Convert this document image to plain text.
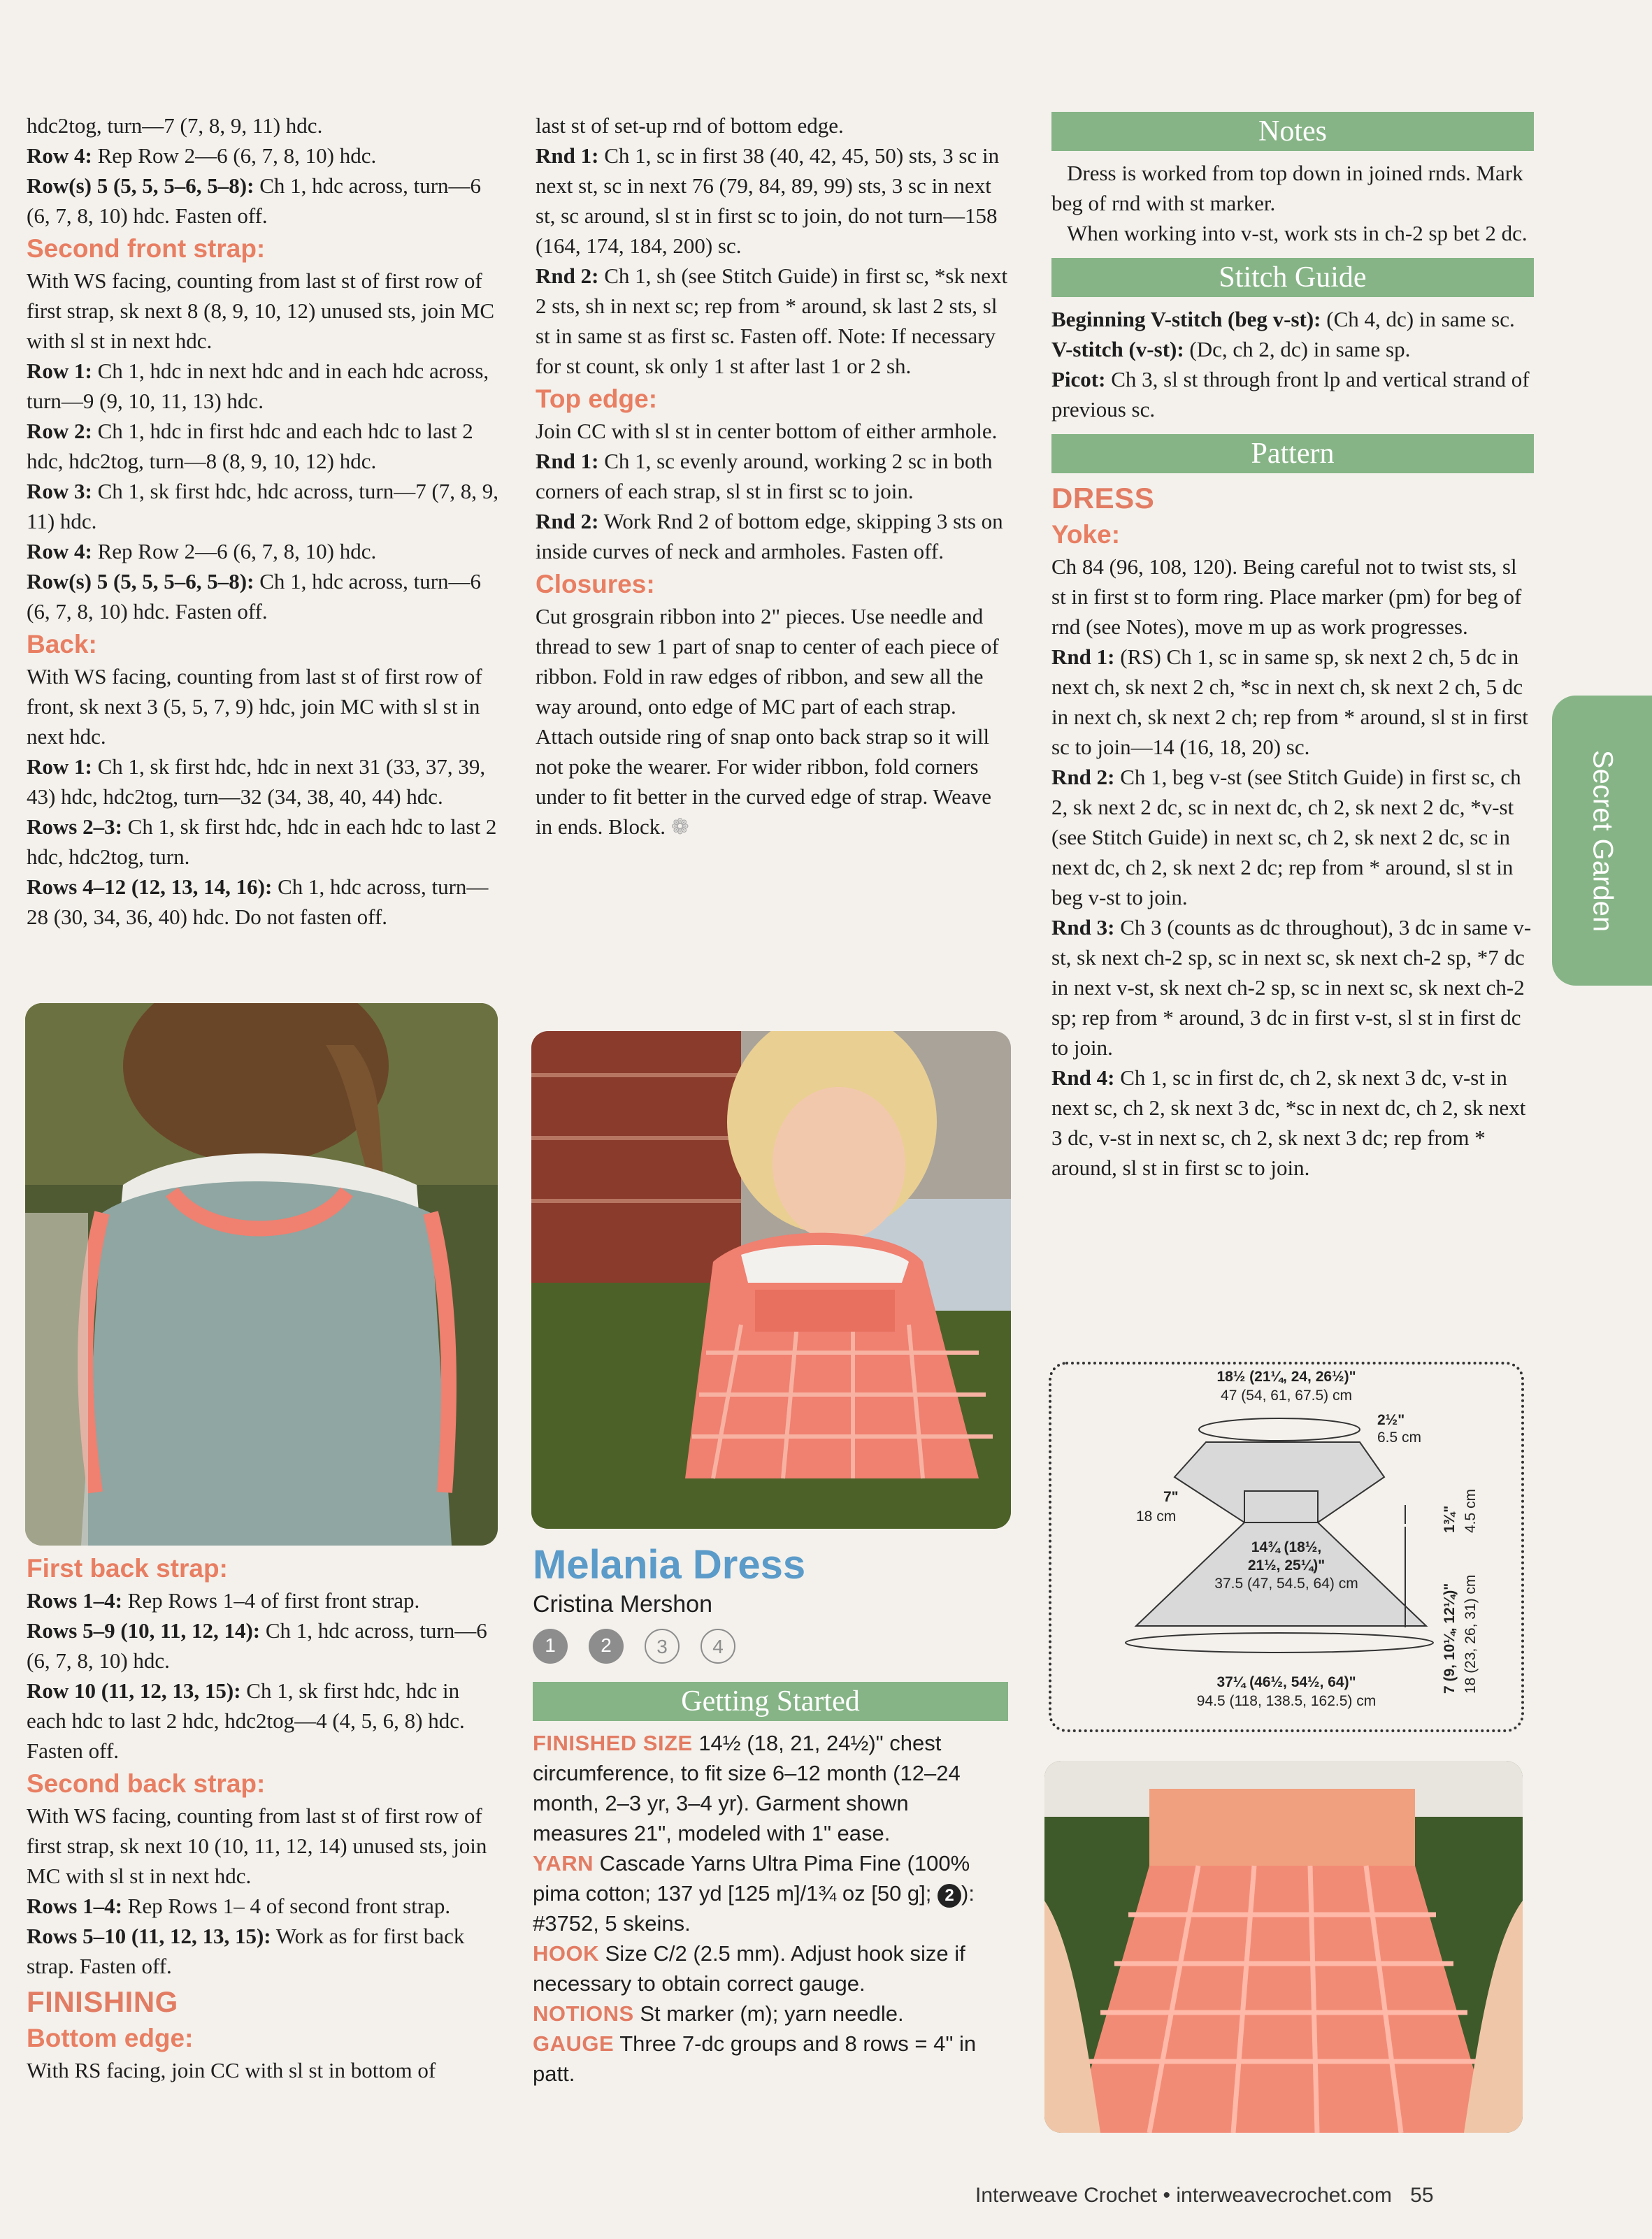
hdc2tog, turn—7 (7, 8, 9, 11) hdc.

Row 4: Rep Row 2—6 (6, 7, 8, 10) hdc.

Row(s) 5 (5, 5, 5–6, 5–8): Ch 1, hdc across, turn—6 (6, 7, 8, 10) hdc. Fasten off.

Second front strap:

With WS facing, counting from last st of first row of first strap, sk next 8 (8, 9, 10, 12) unused sts, join MC with sl st in next hdc.

Row 1: Ch 1, hdc in next hdc and in each hdc across, turn—9 (9, 10, 11, 13) hdc.

Row 2: Ch 1, hdc in first hdc and each hdc to last 2 hdc, hdc2tog, turn—8 (8, 9, 10, 12) hdc.

Row 3: Ch 1, sk first hdc, hdc across, turn—7 (7, 8, 9, 11) hdc.

Row 4: Rep Row 2—6 (6, 7, 8, 10) hdc.

Row(s) 5 (5, 5, 5–6, 5–8): Ch 1, hdc across, turn—6 (6, 7, 8, 10) hdc. Fasten off.

Back:

With WS facing, counting from last st of first row of front, sk next 3 (5, 5, 7, 9) hdc, join MC with sl st in next hdc.

Row 1: Ch 1, sk first hdc, hdc in next 31 (33, 37, 39, 43) hdc, hdc2tog, turn—32 (34, 38, 40, 44) hdc.

Rows 2–3: Ch 1, sk first hdc, hdc in each hdc to last 2 hdc, hdc2tog, turn.

Rows 4–12 (12, 13, 14, 16): Ch 1, hdc across, turn—28 (30, 34, 36, 40) hdc. Do not fasten off.

First back strap:

Rows 1–4: Rep Rows 1–4 of first front strap.

Rows 5–9 (10, 11, 12, 14): Ch 1, hdc across, turn—6 (6, 7, 8, 10) hdc.

Row 10 (11, 12, 13, 15): Ch 1, sk first hdc, hdc in each hdc to last 2 hdc, hdc2tog—4 (4, 5, 6, 8) hdc. Fasten off.

Second back strap:

With WS facing, counting from last st of first row of first strap, sk next 10 (10, 11, 12, 14) unused sts, join MC with sl st in next hdc.

Rows 1–4: Rep Rows 1– 4 of second front strap.

Rows 5–10 (11, 12, 13, 15): Work as for first back strap. Fasten off.

FINISHING

Bottom edge:

With RS facing, join CC with sl st in bottom of

last st of set-up rnd of bottom edge.

Rnd 1: Ch 1, sc in first 38 (40, 42, 45, 50) sts, 3 sc in next st, sc in next 76 (79, 84, 89, 99) sts, 3 sc in next st, sc around, sl st in first sc to join, do not turn—158 (164, 174, 184, 200) sc.

Rnd 2: Ch 1, sh (see Stitch Guide) in first sc, *sk next 2 sts, sh in next sc; rep from * around, sk last 2 sts, sl st in same st as first sc. Fasten off. Note: If necessary for st count, sk only 1 st after last 1 or 2 sh.

Top edge:

Join CC with sl st in center bottom of either armhole.

Rnd 1: Ch 1, sc evenly around, working 2 sc in both corners of each strap, sl st in first sc to join.

Rnd 2: Work Rnd 2 of bottom edge, skipping 3 sts on inside curves of neck and armholes. Fasten off.

Closures:

Cut grosgrain ribbon into 2" pieces. Use needle and thread to sew 1 part of snap to center of each piece of ribbon. Fold in raw edges of ribbon, and sew all the way around, onto edge of MC part of each strap. Attach outside ring of snap onto back strap so it will not poke the wearer. For wider ribbon, fold corners under to fit better in the curved edge of strap. Weave in ends. Block. ❁

Melania Dress

Cristina Mershon

1	2	3	4
Getting Started

FINISHED SIZE 14½ (18, 21, 24½)" chest circumference, to fit size 6–12 month (12–24 month, 2–3 yr, 3–4 yr). Garment shown measures 21", modeled with 1" ease.

YARN Cascade Yarns Ultra Pima Fine (100% pima cotton; 137 yd [125 m]/1¾ oz [50 g]; 2 ): #3752, 5 skeins.

HOOK Size C/2 (2.5 mm). Adjust hook size if necessary to obtain correct gauge.

NOTIONS St marker (m); yarn needle.

GAUGE Three 7-dc groups and 8 rows = 4" in patt.

Notes

Dress is worked from top down in joined rnds. Mark beg of rnd with st marker.

When working into v-st, work sts in ch-2 sp bet 2 dc.

Stitch Guide

Beginning V-stitch (beg v-st): (Ch 4, dc) in same sc.

V-stitch (v-st): (Dc, ch 2, dc) in same sp.

Picot: Ch 3, sl st through front lp and vertical strand of previous sc.

Pattern

DRESS

Yoke:

Ch 84 (96, 108, 120). Being careful not to twist sts, sl st in first st to form ring. Place marker (pm) for beg of rnd (see Notes), move m up as work progresses.

Rnd 1: (RS) Ch 1, sc in same sp, sk next 2 ch, 5 dc in next ch, sk next 2 ch, *sc in next ch, sk next 2 ch, 5 dc in next ch, sk next 2 ch; rep from * around, sl st in first sc to join—14 (16, 18, 20) sc.

Rnd 2: Ch 1, beg v-st (see Stitch Guide) in first sc, ch 2, sk next 2 dc, sc in next dc, ch 2, sk next 2 dc, *v-st (see Stitch Guide) in next sc, ch 2, sk next 2 dc, sc in next dc, ch 2, sk next 2 dc; rep from * around, sl st in beg v-st to join.

Rnd 3: Ch 3 (counts as dc throughout), 3 dc in same v-st, sk next ch-2 sp, sc in next sc, sk next ch-2 sp, *7 dc in next v-st, sk next ch-2 sp, sc in next sc, sk next ch-2 sp; rep from * around, 3 dc in first v-st, sl st in first dc to join.

Rnd 4: Ch 1, sc in first dc, ch 2, sk next 3 dc, v-st in next sc, ch 2, sk next 3 dc, *sc in next dc, ch 2, sk next 3 dc, v-st in next sc, ch 2, sk next 3 dc; rep from * around, sl st in first sc to join.

18½ (21¼, 24, 26½)"
47 (54, 61, 67.5) cm
2½"
6.5 cm
7"
18 cm
14¾ (18½,
21½, 25¼)"
37.5 (47, 54.5, 64) cm
37¼ (46½, 54½, 64)"
94.5 (118, 138.5, 162.5) cm
1¾" 4.5 cm
7 (9, 10¼, 12¼)" 18 (23, 26, 31) cm
Secret Garden
Interweave Crochet • interweavecrochet.com 55
